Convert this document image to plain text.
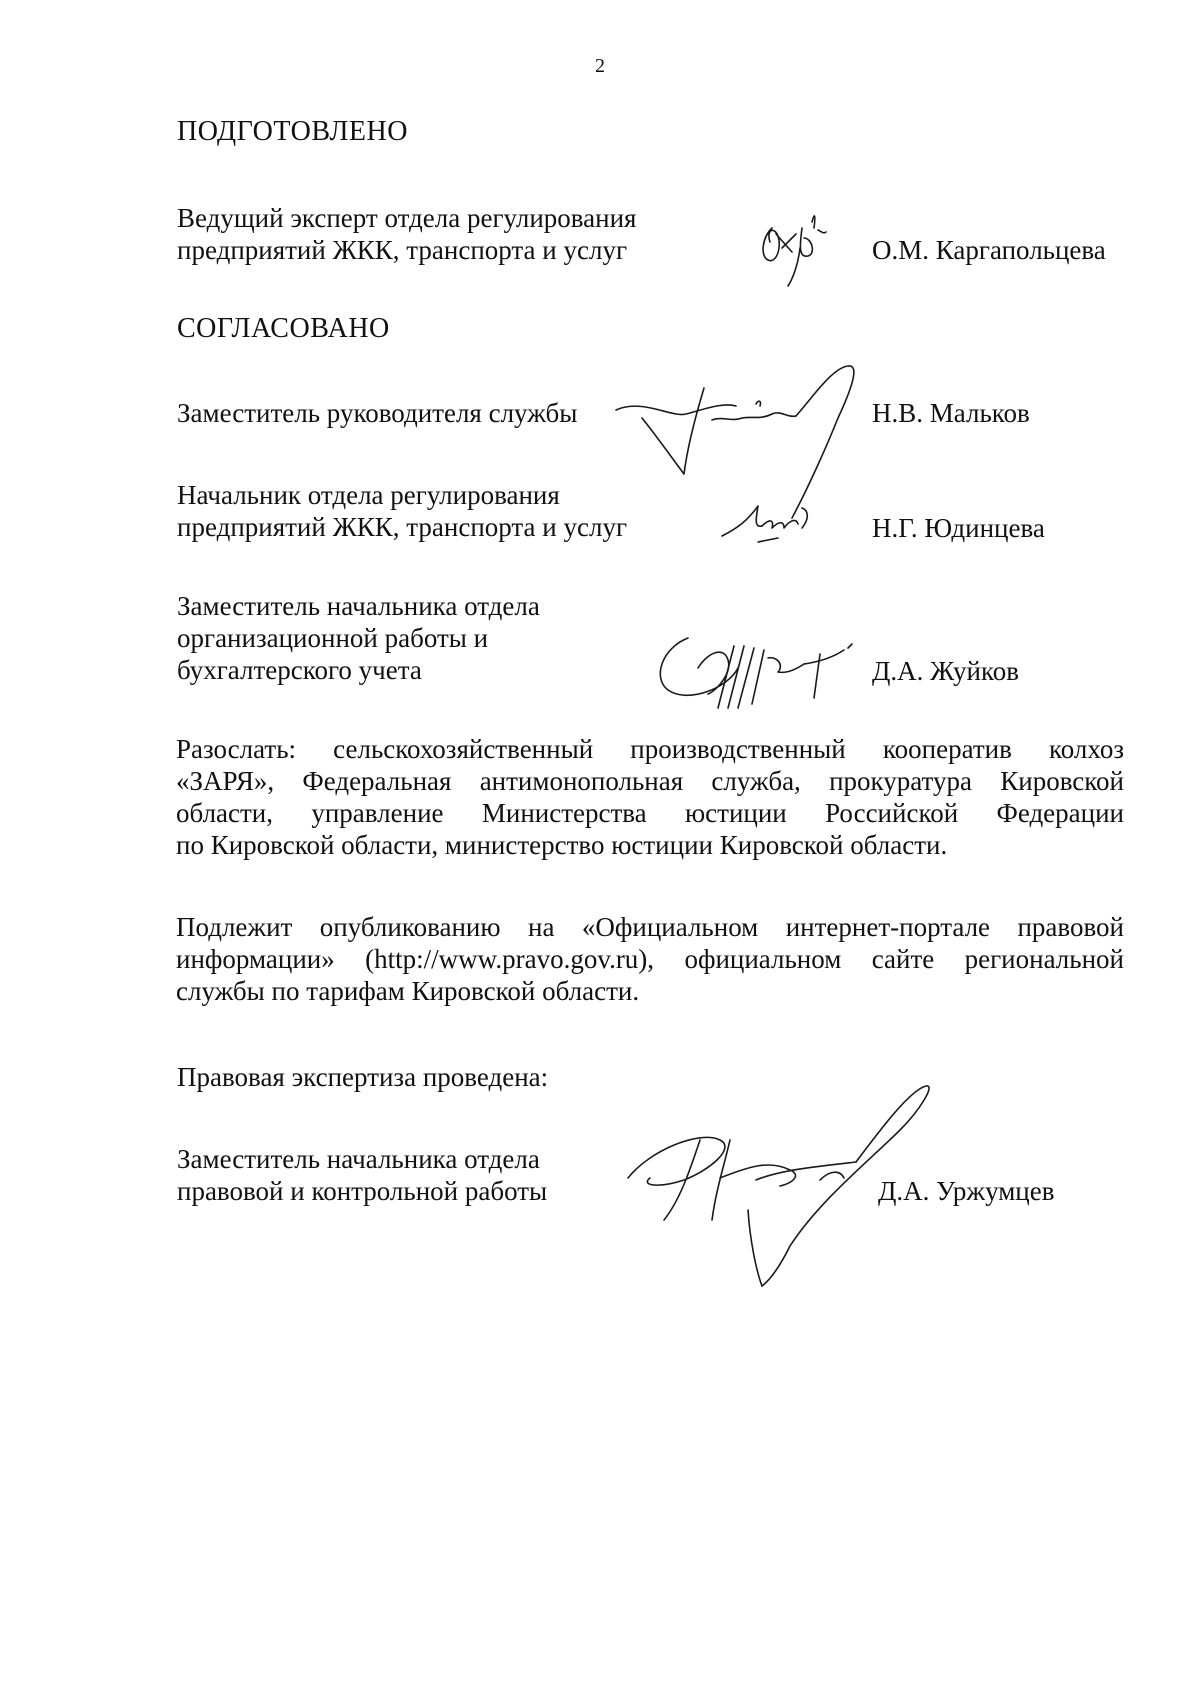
2
ПОДГОТОВЛЕНО
Ведущий эксперт отдела регулирования
предприятий ЖКК, транспорта и услуг	О.М. Каргапольцева
СОГЛАСОВАНО
Заместитель руководителя службы	Н.В. Мальков
Начальник отдела регулирования
предприятий ЖКК, транспорта и услуг	Н.Г. Юдинцева
Заместитель начальника отдела
организационной работы и
бухгалтерского учета	Д.А. Жуйков
Разослать: сельскохозяйственный производственный кооператив колхоз
«ЗАРЯ», Федеральная антимонопольная служба, прокуратура Кировской
области, управление Министерства юстиции Российской Федерации
по Кировской области, министерство юстиции Кировской области.
Подлежит опубликованию на «Официальном интернет-портале правовой
информации» (http://www.pravo.gov.ru), официальном сайте региональной
службы по тарифам Кировской области.
Правовая экспертиза проведена:
Заместитель начальника отдела
правовой и контрольной работы	Д.А. Уржумцев
